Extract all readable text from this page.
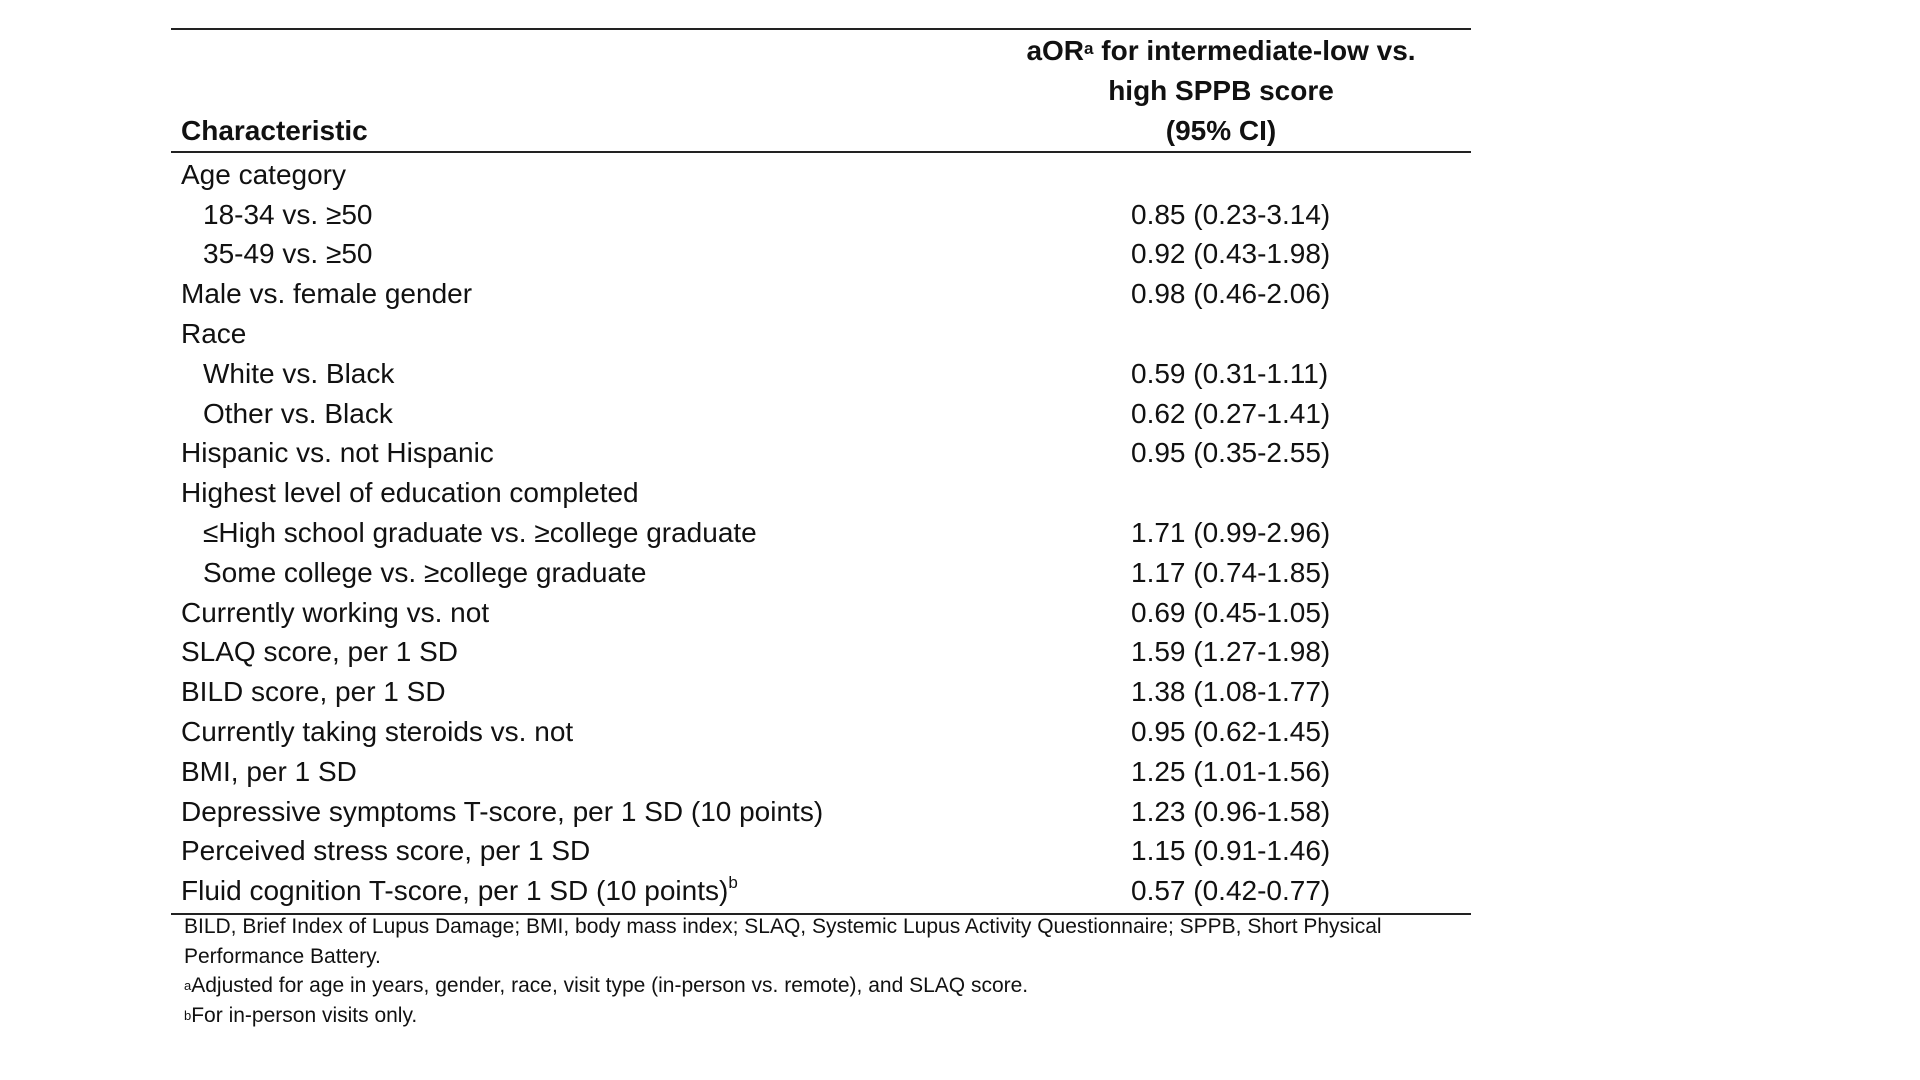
Characteristic
aOR$^a$ for intermediate-low vs.
high SPPB score
(95% CI)
Age category
18-34 vs. ≥50	0.85 (0.23-3.14)
35-49 vs. ≥50	0.92 (0.43-1.98)
Male vs. female gender	0.98 (0.46-2.06)
Race
White vs. Black	0.59 (0.31-1.11)
Other vs. Black	0.62 (0.27-1.41)
Hispanic vs. not Hispanic	0.95 (0.35-2.55)
Highest level of education completed
≤High school graduate vs. ≥college graduate	1.71 (0.99-2.96)
Some college vs. ≥college graduate	1.17 (0.74-1.85)
Currently working vs. not	0.69 (0.45-1.05)
SLAQ score, per 1 SD	1.59 (1.27-1.98)
BILD score, per 1 SD	1.38 (1.08-1.77)
Currently taking steroids vs. not	0.95 (0.62-1.45)
BMI, per 1 SD	1.25 (1.01-1.56)
Depressive symptoms T-score, per 1 SD (10 points)	1.23 (0.96-1.58)
Perceived stress score, per 1 SD	1.15 (0.91-1.46)
Fluid cognition T-score, per 1 SD (10 points)$^b$	0.57 (0.42-0.77)
BILD, Brief Index of Lupus Damage; BMI, body mass index; SLAQ, Systemic Lupus Activity Questionnaire; SPPB, Short Physical Performance Battery.
$^a$Adjusted for age in years, gender, race, visit type (in-person vs. remote), and SLAQ score.
$^b$For in-person visits only.
